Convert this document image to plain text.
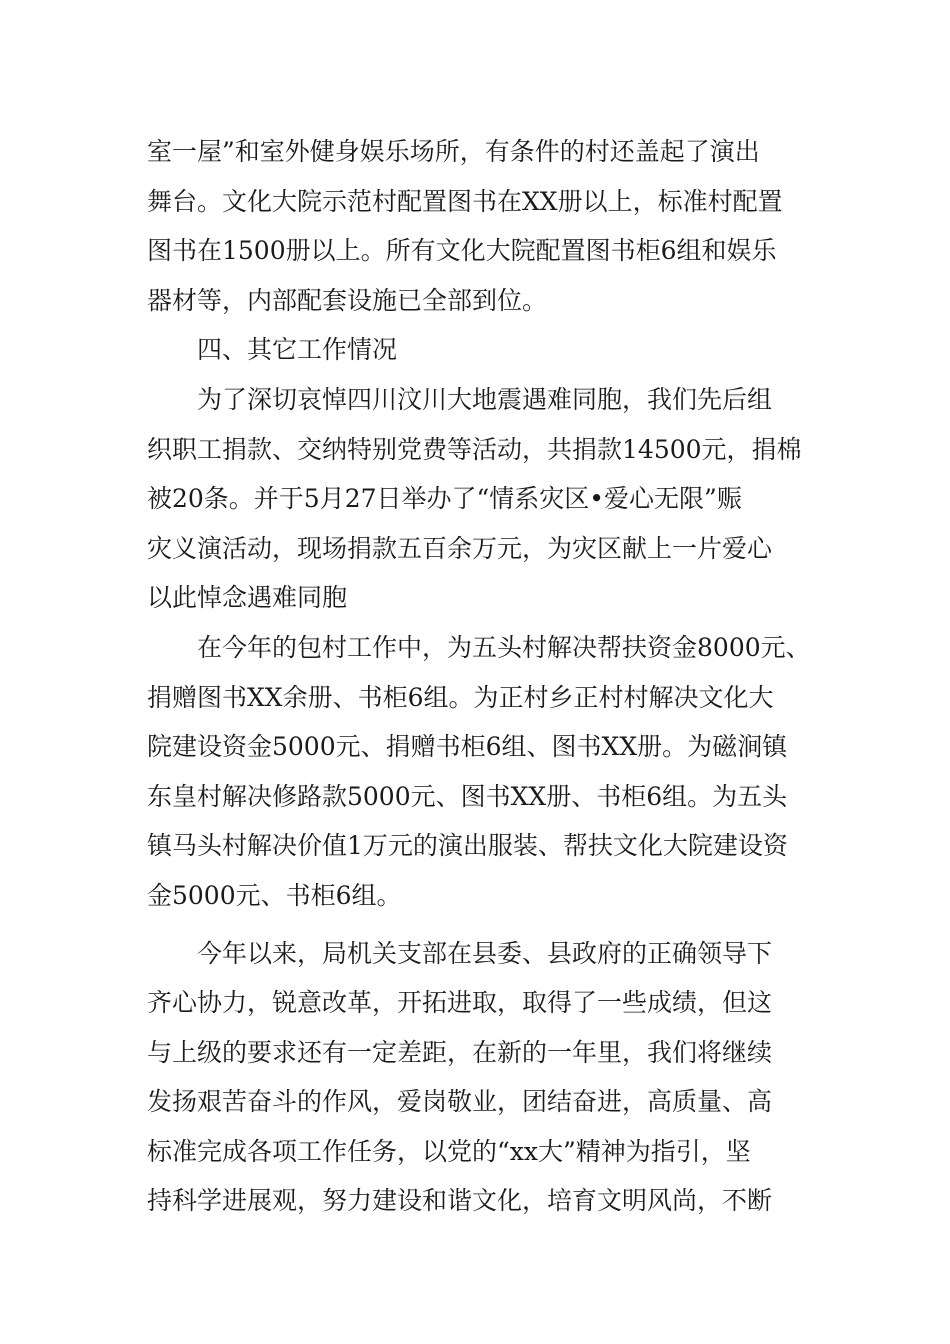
室一屋”和室外健身娱乐场所，有条件的村还盖起了演出
舞台。文化大院示范村配置图书在XX册以上，标准村配置
图书在1500册以上。所有文化大院配置图书柜6组和娱乐
器材等，内部配套设施已全部到位。
四、其它工作情况
为了深切哀悼四川汶川大地震遇难同胞，我们先后组
织职工捐款、交纳特别党费等活动，共捐款14500元，捐棉
被20条。并于5月27日举办了“情系灾区•爱心无限”赈
灾义演活动，现场捐款五百余万元，为灾区献上一片爱心
以此悼念遇难同胞
在今年的包村工作中，为五头村解决帮扶资金8000元、
捐赠图书XX余册、书柜6组。为正村乡正村村解决文化大
院建设资金5000元、捐赠书柜6组、图书XX册。为磁涧镇
东皇村解决修路款5000元、图书XX册、书柜6组。为五头
镇马头村解决价值1万元的演出服装、帮扶文化大院建设资
金5000元、书柜6组。
今年以来，局机关支部在县委、县政府的正确领导下
齐心协力，锐意改革，开拓进取，取得了一些成绩，但这
与上级的要求还有一定差距，在新的一年里，我们将继续
发扬艰苦奋斗的作风，爱岗敬业，团结奋进，高质量、高
标准完成各项工作任务，以党的“xx大”精神为指引，坚
持科学进展观，努力建设和谐文化，培育文明风尚，不断
